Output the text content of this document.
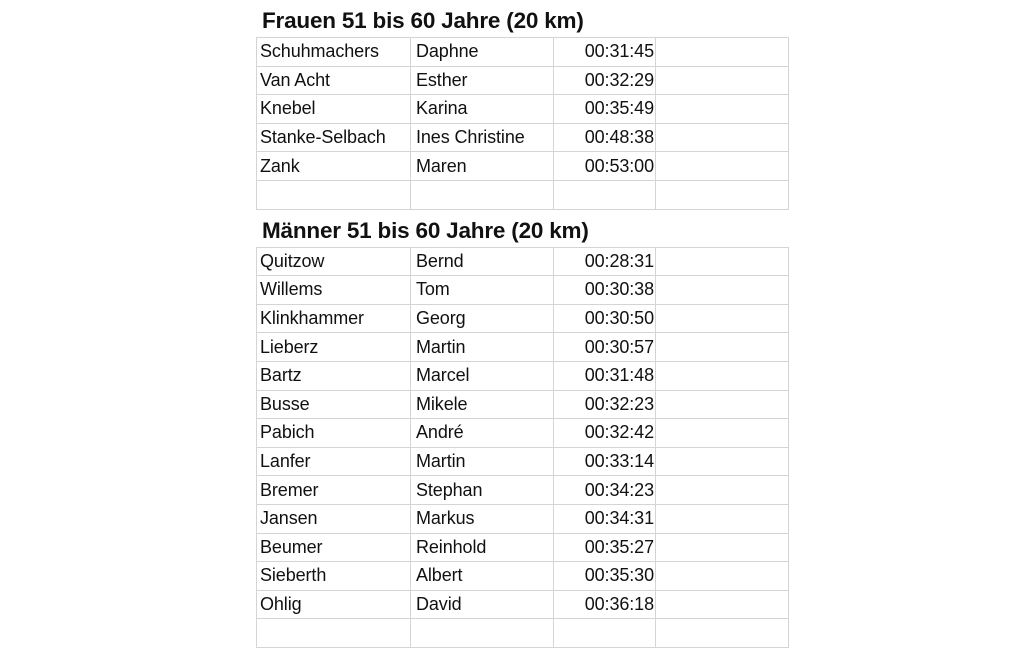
Frauen 51 bis 60 Jahre (20 km)
Schuhmachers	Daphne	00:31:45
Van Acht	Esther	00:32:29
Knebel	Karina	00:35:49
Stanke-Selbach	Ines Christine	00:48:38
Zank	Maren	00:53:00
Männer 51 bis 60 Jahre (20 km)
Quitzow	Bernd	00:28:31
Willems	Tom	00:30:38
Klinkhammer	Georg	00:30:50
Lieberz	Martin	00:30:57
Bartz	Marcel	00:31:48
Busse	Mikele	00:32:23
Pabich	André	00:32:42
Lanfer	Martin	00:33:14
Bremer	Stephan	00:34:23
Jansen	Markus	00:34:31
Beumer	Reinhold	00:35:27
Sieberth	Albert	00:35:30
Ohlig	David	00:36:18
